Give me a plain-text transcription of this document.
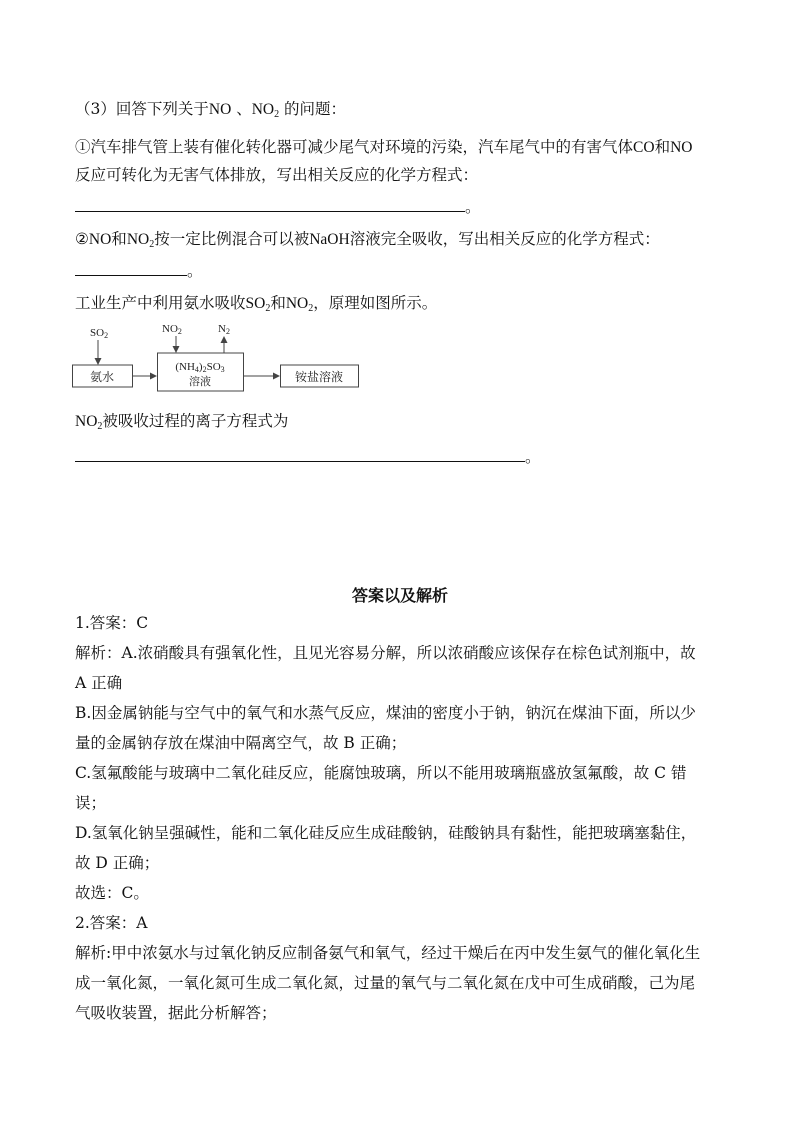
（3）回答下列关于NO 、$NO_2$ 的问题：
①汽车排气管上装有催化转化器可减少尾气对环境的污染，汽车尾气中的有害气体CO和NO
反应可转化为无害气体排放，写出相关反应的化学方程式：
。
②NO和$NO_2$按一定比例混合可以被NaOH溶液完全吸收，写出相关反应的化学方程式：
。
工业生产中利用氨水吸收$SO_2$和$NO_2$，原理如图所示。
SO2
氨水
NO2	N2
(NH4)2SO3
溶液	铵盐溶液
$NO_2$被吸收过程的离子方程式为
。
答案以及解析
1.答案：C
解析：A.浓硝酸具有强氧化性，且见光容易分解，所以浓硝酸应该保存在棕色试剂瓶中，故
A 正确
B.因金属钠能与空气中的氧气和水蒸气反应，煤油的密度小于钠，钠沉在煤油下面，所以少
量的金属钠存放在煤油中隔离空气，故 B 正确；
C.氢氟酸能与玻璃中二氧化硅反应，能腐蚀玻璃，所以不能用玻璃瓶盛放氢氟酸，故 C 错
误；
D.氢氧化钠呈强碱性，能和二氧化硅反应生成硅酸钠，硅酸钠具有黏性，能把玻璃塞黏住，
故 D 正确；
故选：C。
2.答案：A
解析:甲中浓氨水与过氧化钠反应制备氨气和氧气，经过干燥后在丙中发生氨气的催化氧化生
成一氧化氮，一氧化氮可生成二氧化氮，过量的氧气与二氧化氮在戊中可生成硝酸，己为尾
气吸收装置，据此分析解答；
